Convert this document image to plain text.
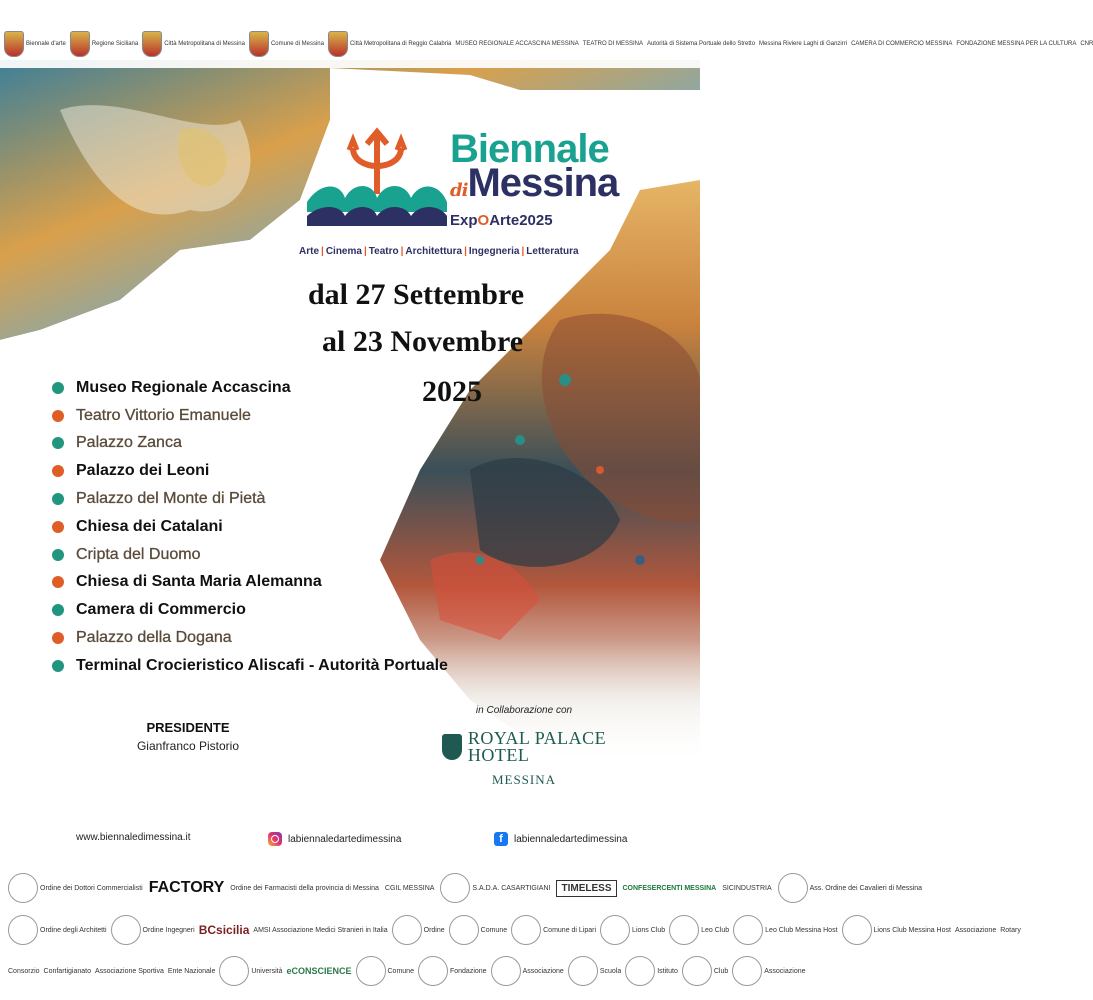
Biennale d'arte	Regione Siciliana	Città Metropolitana di Messina	Comune di Messina	Città Metropolitana di Reggio Calabria MUSEO REGIONALE ACCASCINA MESSINA TEATRO DI MESSINA Autorità di Sistema Portuale dello Stretto Messina Riviere Laghi di Ganzirri CAMERA DI COMMERCIO MESSINA FONDAZIONE MESSINA PER LA CULTURA CNR
Biennale
diMessina
ExpOArte2025
Arte | Cinema | Teatro | Architettura | Ingegneria | Letteratura
dal 27 Settembre
al 23 Novembre
2025
Museo Regionale Accascina
Teatro Vittorio Emanuele
Palazzo Zanca
Palazzo dei Leoni
Palazzo del Monte di Pietà
Chiesa dei Catalani
Cripta del Duomo
Chiesa di Santa Maria Alemanna
Camera di Commercio
Palazzo della Dogana
Terminal Crocieristico Aliscafi - Autorità Portuale
PRESIDENTE
Gianfranco Pistorio
in Collaborazione con
ROYAL PALACE
HOTEL
MESSINA
www.biennaledimessina.it	labiennaledartedimessina	f	labiennaledartedimessina
Ordine dei Dottori Commercialisti FACTORY Ordine dei Farmacisti della provincia di Messina CGIL MESSINA	S.A.D.A. CASARTIGIANI	TIMELESS	CONFESERCENTI MESSINA SICINDUSTRIA	Ass. Ordine dei Cavalieri di Messina
Ordine degli Architetti	Ordine Ingegneri BCsicilia AMSI Associazione Medici Stranieri in Italia	Ordine	Comune	Comune di Lipari	Lions Club	Leo Club	Leo Club Messina Host	Lions Club Messina Host Associazione Rotary
Consorzio Confartigianato Associazione Sportiva Ente Nazionale	Università eCONSCIENCE	Comune	Fondazione	Associazione	Scuola	Istituto	Club	Associazione
